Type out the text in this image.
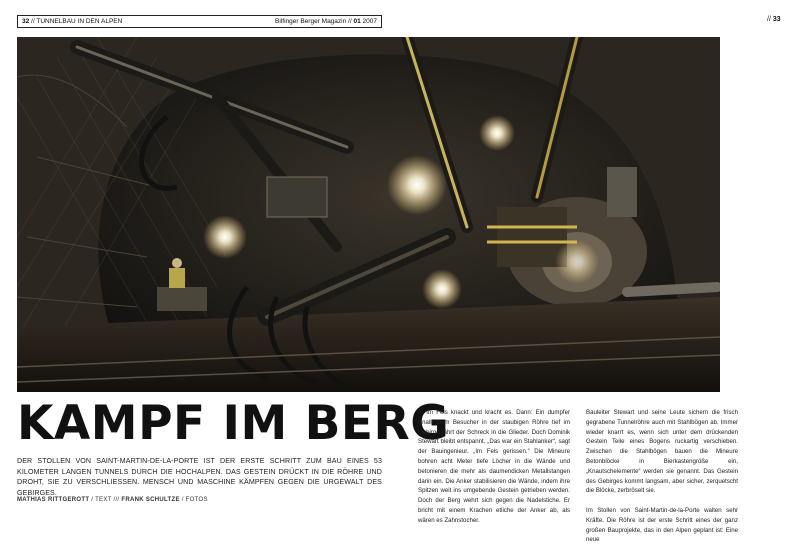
32 // TUNNELBAU IN DEN ALPEN	Bilfinger Berger Magazin // 01 2007	// 33
KAMPF IM BERG

DER STOLLEN VON SAINT-MARTIN-DE-LA-PORTE IST DER ERSTE SCHRITT ZUM BAU EINES 53 KILOMETER LANGEN TUNNELS DURCH DIE HOCHALPEN. DAS GESTEIN DRÜCKT IN DIE RÖHRE UND DROHT, SIE ZU VERSCHLIESSEN. MENSCH UND MASCHINE KÄMPFEN GEGEN DIE URGEWALT DES GEBIRGES.

MATHIAS RITTGEROTT / TEXT /// FRANK SCHULTZE / FOTOS

/// Im Fels knackt und kracht es. Dann: Ein dumpfer Knall! Dem Besucher in der staubigen Röhre tief im Gebirge fährt der Schreck in die Glieder. Doch Dominik Stewart bleibt entspannt. „Das war ein Stahlanker“, sagt der Bauingenieur. „Im Fels gerissen.“ Die Mineure bohren acht Meter tiefe Löcher in die Wände und betonieren die mehr als daumendicken Metallstangen darin ein. Die Anker stabilisieren die Wände, indem ihre Spitzen weit ins umgebende Gestein getrieben werden. Doch der Berg wehrt sich gegen die Nadelstiche. Er bricht mit einem Krachen etliche der Anker ab, als wären es Zahnstocher.

Bauleiter Stewart und seine Leute sichern die frisch gegrabene Tunnelröhre auch mit Stahlbögen ab. Immer wieder knarrt es, wenn sich unter dem drückenden Gestein Teile eines Bogens ruckartig verschieben. Zwischen die Stahlbögen bauen die Mineure Betonblöcke in Bierkastengröße ein, „Knautschelemente“ werden sie genannt. Das Gestein des Gebirges kommt langsam, aber sicher, zerquetscht die Blöcke, zerbröselt sie.

Im Stollen von Saint-Martin-de-la-Porte walten sehr Kräfte. Die Röhre ist der erste Schritt eines der ganz großen Bauprojekte, das in den Alpen geplant ist: Eine neue
